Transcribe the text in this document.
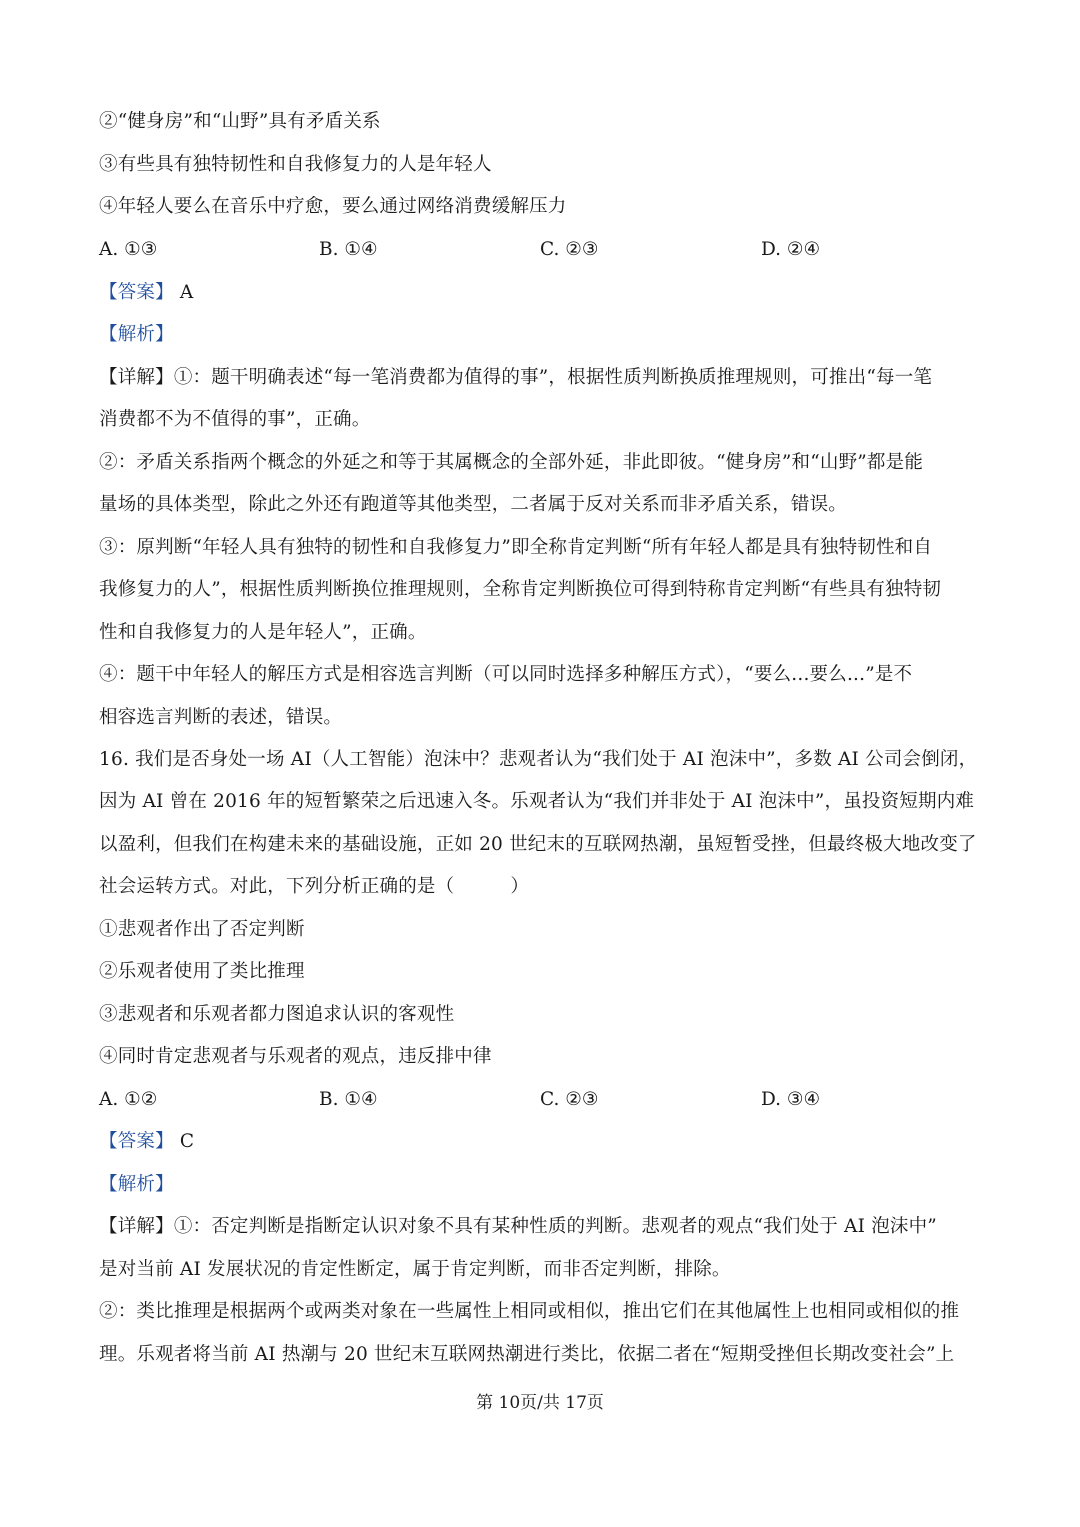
②“健身房”和“山野”具有矛盾关系
③有些具有独特韧性和自我修复力的人是年轻人
④年轻人要么在音乐中疗愈，要么通过网络消费缓解压力
A. ①③	B. ①④	C. ②③	D. ②④
【答案】 A
【解析】
【详解】①：题干明确表述“每一笔消费都为值得的事”，根据性质判断换质推理规则，可推出“每一笔
消费都不为不值得的事”，正确。
②：矛盾关系指两个概念的外延之和等于其属概念的全部外延，非此即彼。“健身房”和“山野”都是能
量场的具体类型，除此之外还有跑道等其他类型，二者属于反对关系而非矛盾关系，错误。
③：原判断“年轻人具有独特的韧性和自我修复力”即全称肯定判断“所有年轻人都是具有独特韧性和自
我修复力的人”，根据性质判断换位推理规则，全称肯定判断换位可得到特称肯定判断“有些具有独特韧
性和自我修复力的人是年轻人”，正确。
④：题干中年轻人的解压方式是相容选言判断（可以同时选择多种解压方式），“要么...要么...”是不
相容选言判断的表述，错误。
16. 我们是否身处一场 AI（人工智能）泡沫中？悲观者认为“我们处于 AI 泡沫中”，多数 AI 公司会倒闭，
因为 AI 曾在 2016 年的短暂繁荣之后迅速入冬。乐观者认为“我们并非处于 AI 泡沫中”，虽投资短期内难
以盈利，但我们在构建未来的基础设施，正如 20 世纪末的互联网热潮，虽短暂受挫，但最终极大地改变了
社会运转方式。对此，下列分析正确的是（　　　）
①悲观者作出了否定判断
②乐观者使用了类比推理
③悲观者和乐观者都力图追求认识的客观性
④同时肯定悲观者与乐观者的观点，违反排中律
A. ①②	B. ①④	C. ②③	D. ③④
【答案】 C
【解析】
【详解】①：否定判断是指断定认识对象不具有某种性质的判断。悲观者的观点“我们处于 AI 泡沫中”
是对当前 AI 发展状况的肯定性断定，属于肯定判断，而非否定判断，排除。
②：类比推理是根据两个或两类对象在一些属性上相同或相似，推出它们在其他属性上也相同或相似的推
理。乐观者将当前 AI 热潮与 20 世纪末互联网热潮进行类比，依据二者在“短期受挫但长期改变社会”上
第 10页/共 17页
